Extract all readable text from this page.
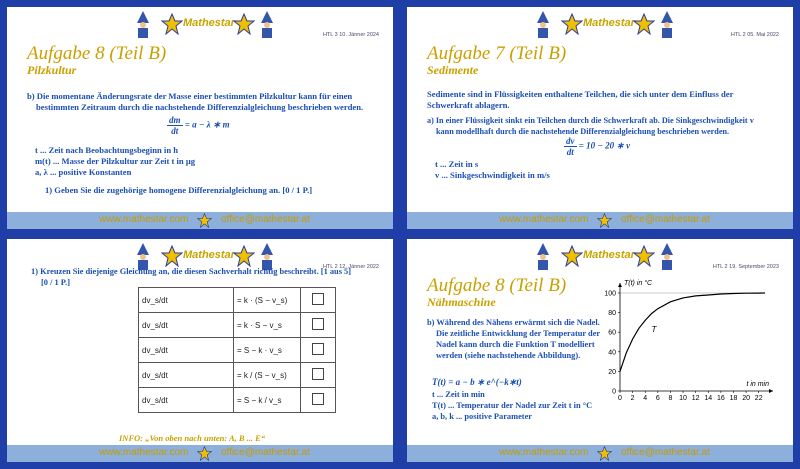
Mathestar
HTL 3 10. Jänner 2024
Aufgabe 8 (Teil B)
Pilzkultur
b) Die momentane Änderungsrate der Masse einer bestimmten Pilzkultur kann für einen
bestimmten Zeitraum durch die nachstehende Differenzialgleichung beschrieben werden.
$\frac{dm}{dt} = a - \lambda$ ∗ m
t ... Zeit nach Beobachtungsbeginn in h
m(t) ... Masse der Pilzkultur zur Zeit t in μg
a, λ ... positive Konstanten
1) Geben Sie die zugehörige homogene Differenzialgleichung an. [0 / 1 P.]
www.mathestar.com	office@mathestar.at
Mathestar
HTL 2 05. Mai 2022
Aufgabe 7 (Teil B)
Sedimente
Sedimente sind in Flüssigkeiten enthaltene Teilchen, die sich unter dem Einfluss der
Schwerkraft ablagern.
a) In einer Flüssigkeit sinkt ein Teilchen durch die Schwerkraft ab. Die Sinkgeschwindigkeit v
kann modellhaft durch die nachstehende Differenzialgleichung beschrieben werden.
$\frac{dv}{dt} = 10 - 20$ ∗ v
t ... Zeit in s
v ... Sinkgeschwindigkeit in m/s
www.mathestar.com	office@mathestar.at
Mathestar
HTL 2 12. Jänner 2022
1) Kreuzen Sie diejenige Gleichung an, die diesen Sachverhalt richtig beschreibt. [1 aus 5]
[0 / 1 P.]
dv_s/dt	= k · (S − v_s)	
dv_s/dt	= k · S − v_s	
dv_s/dt	= S − k · v_s	
dv_s/dt	= k / (S − v_s)	
dv_s/dt	= S − k / v_s	
INFO: „Von oben nach unten: A, B ... E“
www.mathestar.com	office@mathestar.at
Mathestar
HTL 2 19. September 2023
Aufgabe 8 (Teil B)
Nähmaschine
b) Während des Nähens erwärmt sich die Nadel.
Die zeitliche Entwicklung der Temperatur der
Nadel kann durch die Funktion T modelliert
werden (siehe nachstehende Abbildung).
T(t) = a − b ∗ e^(−k∗t)
t ... Zeit in min
T(t) ... Temperatur der Nadel zur Zeit t in °C
a, b, k ... positive Parameter
0 2 4 6 8 10 12 14 16 18 20 22
0
20
40
60
80
100
T(t) in °C
t in min
T
www.mathestar.com	office@mathestar.at
